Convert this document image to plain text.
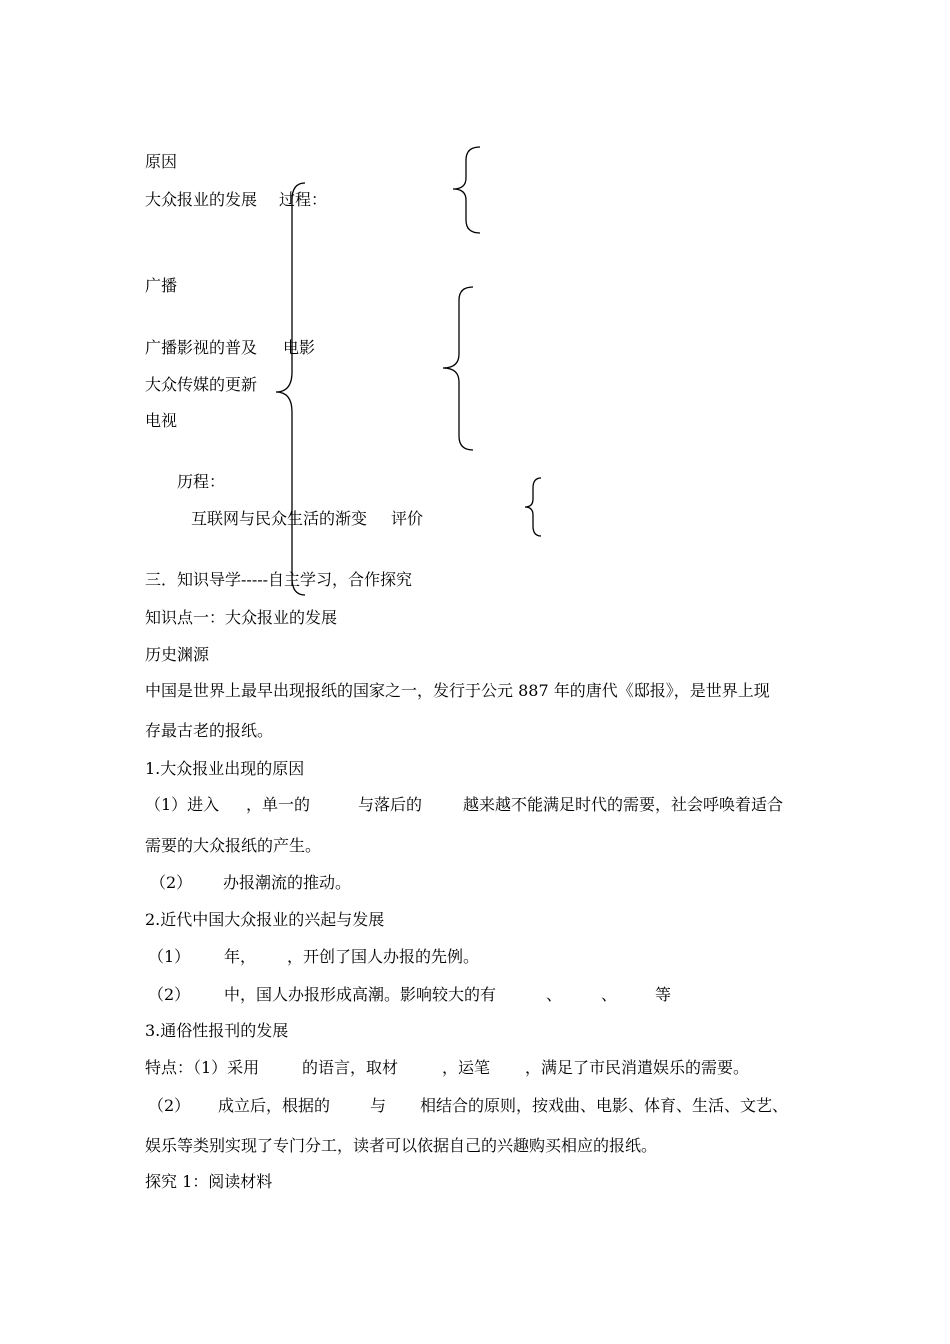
原因
大众报业的发展 过程：
广播
广播影视的普及 电影
大众传媒的更新
电视
历程：
互联网与民众生活的渐变 评价
三．知识导学-----自主学习，合作探究
知识点一：大众报业的发展
历史渊源
中国是世界上最早出现报纸的国家之一，发行于公元 887 年的唐代《邸报》，是世界上现
存最古老的报纸。
1.大众报业出现的原因
（1）进入 ，单一的	与落后的	越来越不能满足时代的需要，社会呼唤着适合
需要的大众报纸的产生。
（2） 办报潮流的推动。
2.近代中国大众报业的兴起与发展
（1） 年， ，开创了国人办报的先例。
（2） 中，国人办报形成高潮。影响较大的有	、 、 等
3.通俗性报刊的发展
特点：（1）采用	的语言，取材	，运笔 ，满足了市民消遣娱乐的需要。
（2） 成立后，根据的 与 相结合的原则，按戏曲、电影、体育、生活、文艺、
娱乐等类别实现了专门分工，读者可以依据自己的兴趣购买相应的报纸。
探究 1：阅读材料
